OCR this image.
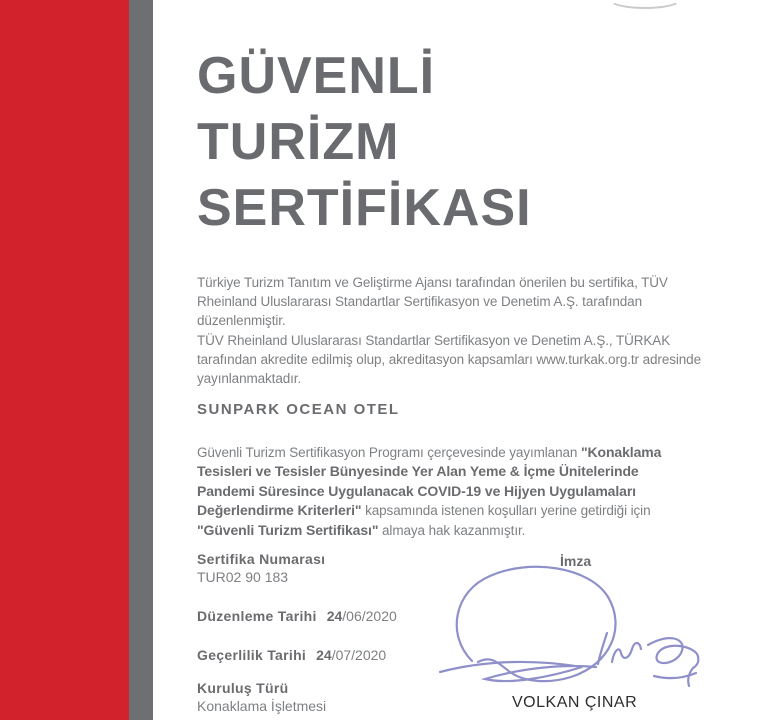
GÜVENLİ
TURİZM
SERTİFİKASI

Türkiye Turizm Tanıtım ve Geliştirme Ajansı tarafından önerilen bu sertifika, TÜV Rheinland Uluslararası Standartlar Sertifikasyon ve Denetim A.Ş. tarafından düzenlenmiştir.

TÜV Rheinland Uluslararası Standartlar Sertifikasyon ve Denetim A.Ş., TÜRKAK tarafından akredite edilmiş olup, akreditasyon kapsamları www.turkak.org.tr adresinde yayınlanmaktadır.

SUNPARK OCEAN OTEL

Güvenli Turizm Sertifikasyon Programı çerçevesinde yayımlanan "Konaklama Tesisleri ve Tesisler Bünyesinde Yer Alan Yeme & İçme Ünitelerinde Pandemi Süresince Uygulanacak COVID-19 ve Hijyen Uygulamaları Değerlendirme Kriterleri" kapsamında istenen koşulları yerine getirdiği için "Güvenli Turizm Sertifikası" almaya hak kazanmıştır.

Sertifika Numarası
TUR02 90 183
İmza
Düzenleme Tarihi 24/06/2020
Geçerlilik Tarihi 24/07/2020
Kuruluş Türü
Konaklama İşletmesi	VOLKAN ÇINAR
